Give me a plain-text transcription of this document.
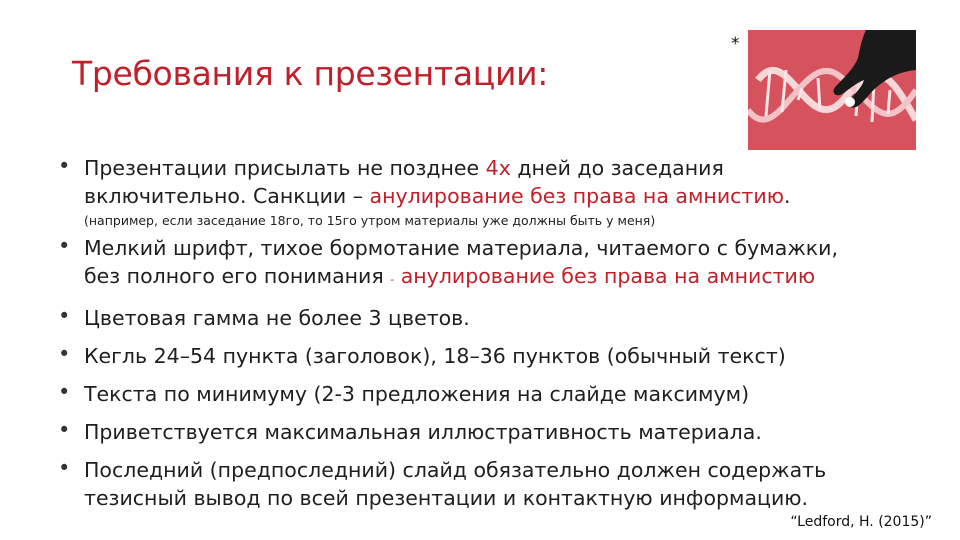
Требования к презентации:
*
• Презентации присылать не позднее 4х дней до заседания
включительно. Санкции – анулирование без права на амнистию.
(например, если заседание 18го, то 15го утром материалы уже должны быть у меня)
• Мелкий шрифт, тихое бормотание материала, читаемого с бумажки,
без полного его понимания - анулирование без права на амнистию
• Цветовая гамма не более 3 цветов.
• Кегль 24–54 пункта (заголовок), 18–36 пунктов (обычный текст)
• Текста по минимуму (2-3 предложения на слайде максимум)
• Приветствуется максимальная иллюстративность материала.
• Последний (предпоследний) слайд обязательно должен содержать
тезисный вывод по всей презентации и контактную информацию.
“Ledford, H. (2015)”
